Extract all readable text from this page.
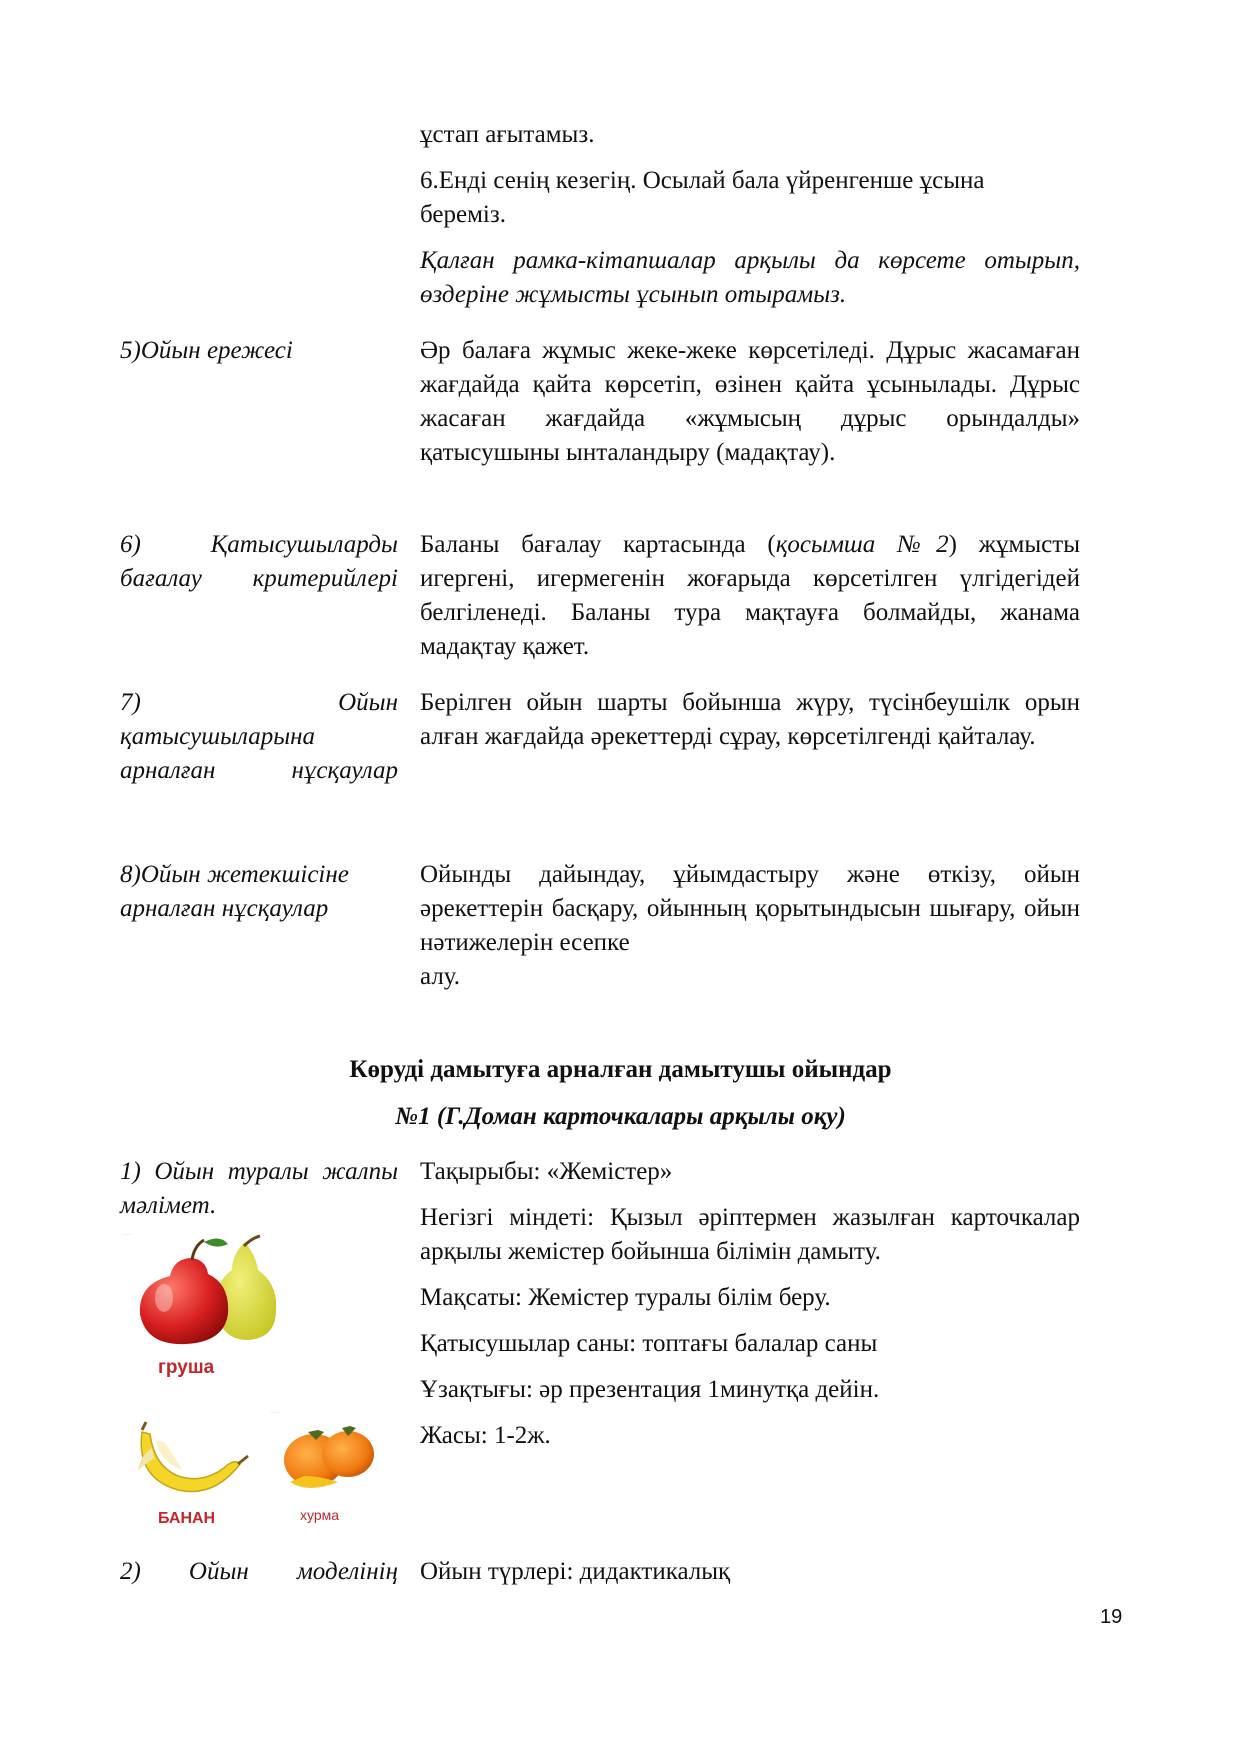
ұстап ағытамыз.

6.Енді сенің кезегің. Осылай бала үйренгенше ұсына береміз.

Қалған рамка-кітапшалар арқылы да көрсете отырып, өздеріне жұмысты ұсынып отырамыз.

5)Ойын ережесі	Әр балаға жұмыс жеке-жеке көрсетіледі. Дұрыс жасамаған жағдайда қайта көрсетіп, өзінен қайта ұсынылады. Дұрыс жасаған жағдайда «жұмысың дұрыс орындалды» қатысушыны ынталандыру (мадақтау).
6) Қатысушыларды бағалау критерийлері
Баланы бағалау картасында (қосымша №2) жұмысты игергені, игермегенін жоғарыда көрсетілген үлгідегідей белгіленеді. Баланы тура мақтауға болмайды, жанама мадақтау қажет.
7) Ойын қатысушыларына арналған нұсқаулар
Берілген ойын шарты бойынша жүру, түсінбеушілк орын алған жағдайда әрекеттерді сұрау, көрсетілгенді қайталау.
8)Ойын жетекшісіне арналған нұсқаулар
Ойынды дайындау, ұйымдастыру және өткізу, ойын әрекеттерін басқару, ойынның қорытындысын шығару, ойын нәтижелерін есепке
алу.
Көруді дамытуға арналған дамытушы ойындар
№1 (Г.Доман карточкалары арқылы оқу)
1) Ойын туралы жалпы мәлімет.

Тақырыбы: «Жемістер»

Негізгі міндеті: Қызыл әріптермен жазылған карточкалар арқылы жемістер бойынша білімін дамыту.

Мақсаты: Жемістер туралы білім беру.

Қатысушылар саны: топтағы балалар саны

Ұзақтығы: әр презентация 1минутқа дейін.

Жасы: 1-2ж.

·····
груша
БАНАН
·····
хурма
2) Ойын моделінің Ойын түрлері: дидактикалық
19
